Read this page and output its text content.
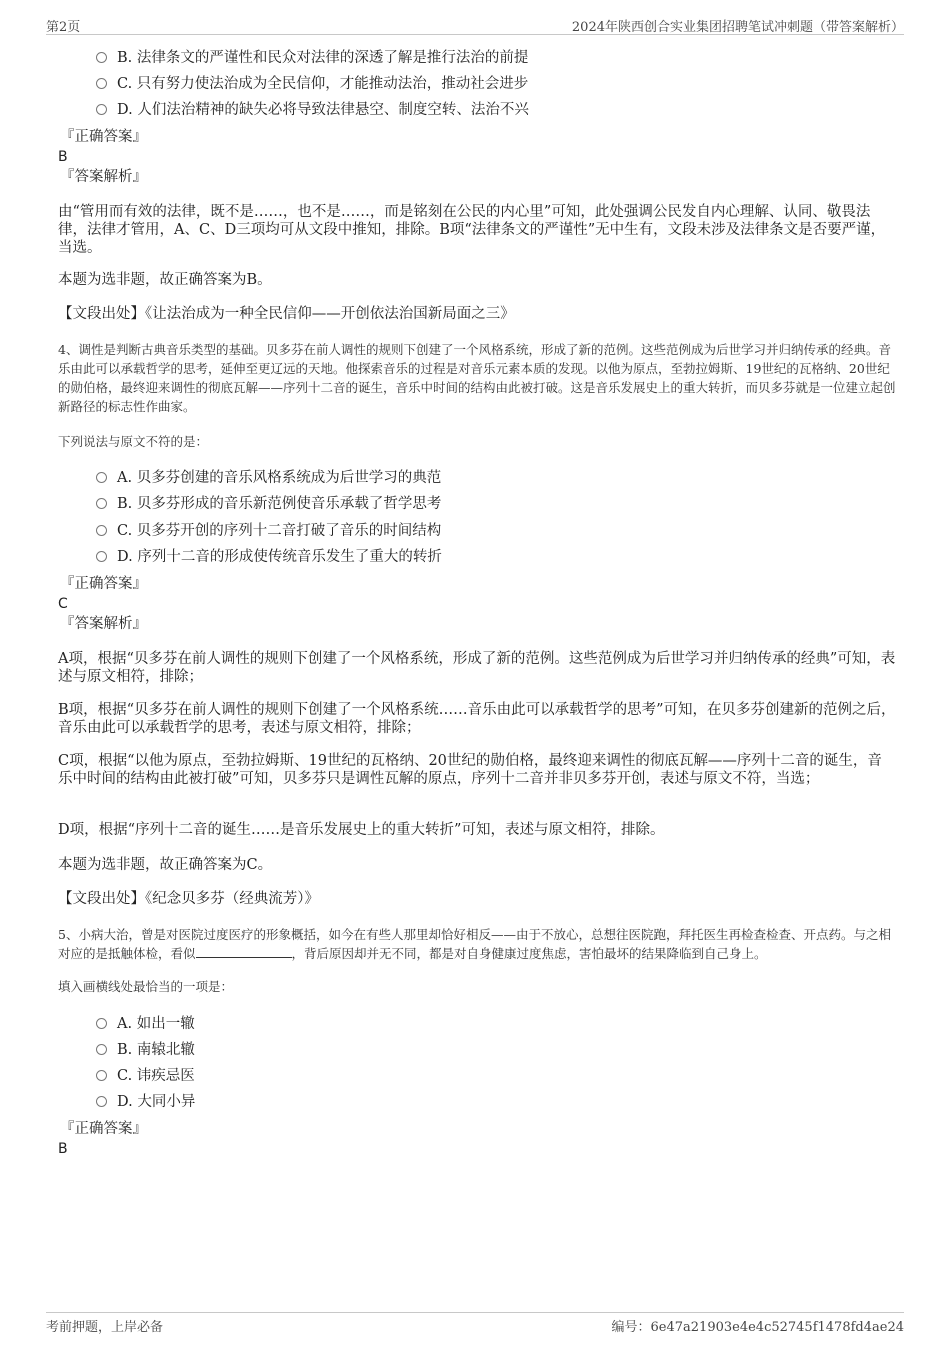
第2页	2024年陕西创合实业集团招聘笔试冲刺题（带答案解析）
B. 法律条文的严谨性和民众对法律的深透了解是推行法治的前提
C. 只有努力使法治成为全民信仰，才能推动法治，推动社会进步
D. 人们法治精神的缺失必将导致法律悬空、制度空转、法治不兴
『正确答案』
B
『答案解析』
由“管用而有效的法律，既不是……，也不是……，而是铭刻在公民的内心里”可知，此处强调公民发自内心理解、认同、敬畏法律，法律才管用，A、C、D三项均可从文段中推知，排除。B项“法律条文的严谨性”无中生有，文段未涉及法律条文是否要严谨，当选。
本题为选非题，故正确答案为B。
【文段出处】《让法治成为一种全民信仰——开创依法治国新局面之三》
4、调性是判断古典音乐类型的基础。贝多芬在前人调性的规则下创建了一个风格系统，形成了新的范例。这些范例成为后世学习并归纳传承的经典。音乐由此可以承载哲学的思考，延伸至更辽远的天地。他探索音乐的过程是对音乐元素本质的发现。以他为原点，至勃拉姆斯、19世纪的瓦格纳、20世纪的勋伯格，最终迎来调性的彻底瓦解——序列十二音的诞生，音乐中时间的结构由此被打破。这是音乐发展史上的重大转折，而贝多芬就是一位建立起创新路径的标志性作曲家。
下列说法与原文不符的是：
A. 贝多芬创建的音乐风格系统成为后世学习的典范
B. 贝多芬形成的音乐新范例使音乐承载了哲学思考
C. 贝多芬开创的序列十二音打破了音乐的时间结构
D. 序列十二音的形成使传统音乐发生了重大的转折
『正确答案』
C
『答案解析』
A项，根据“贝多芬在前人调性的规则下创建了一个风格系统，形成了新的范例。这些范例成为后世学习并归纳传承的经典”可知，表述与原文相符，排除；
B项，根据“贝多芬在前人调性的规则下创建了一个风格系统……音乐由此可以承载哲学的思考”可知，在贝多芬创建新的范例之后，音乐由此可以承载哲学的思考，表述与原文相符，排除；
C项，根据“以他为原点，至勃拉姆斯、19世纪的瓦格纳、20世纪的勋伯格，最终迎来调性的彻底瓦解——序列十二音的诞生，音乐中时间的结构由此被打破”可知，贝多芬只是调性瓦解的原点，序列十二音并非贝多芬开创，表述与原文不符，当选；
D项，根据“序列十二音的诞生……是音乐发展史上的重大转折”可知，表述与原文相符，排除。
本题为选非题，故正确答案为C。
【文段出处】《纪念贝多芬（经典流芳）》
5、小病大治，曾是对医院过度医疗的形象概括，如今在有些人那里却恰好相反——由于不放心，总想往医院跑，拜托医生再检查检查、开点药。与之相对应的是抵触体检，看似	，背后原因却并无不同，都是对自身健康过度焦虑，害怕最坏的结果降临到自己身上。
填入画横线处最恰当的一项是：
A. 如出一辙
B. 南辕北辙
C. 讳疾忌医
D. 大同小异
『正确答案』
B
考前押题，上岸必备	编号：6e47a21903e4e4c52745f1478fd4ae24
